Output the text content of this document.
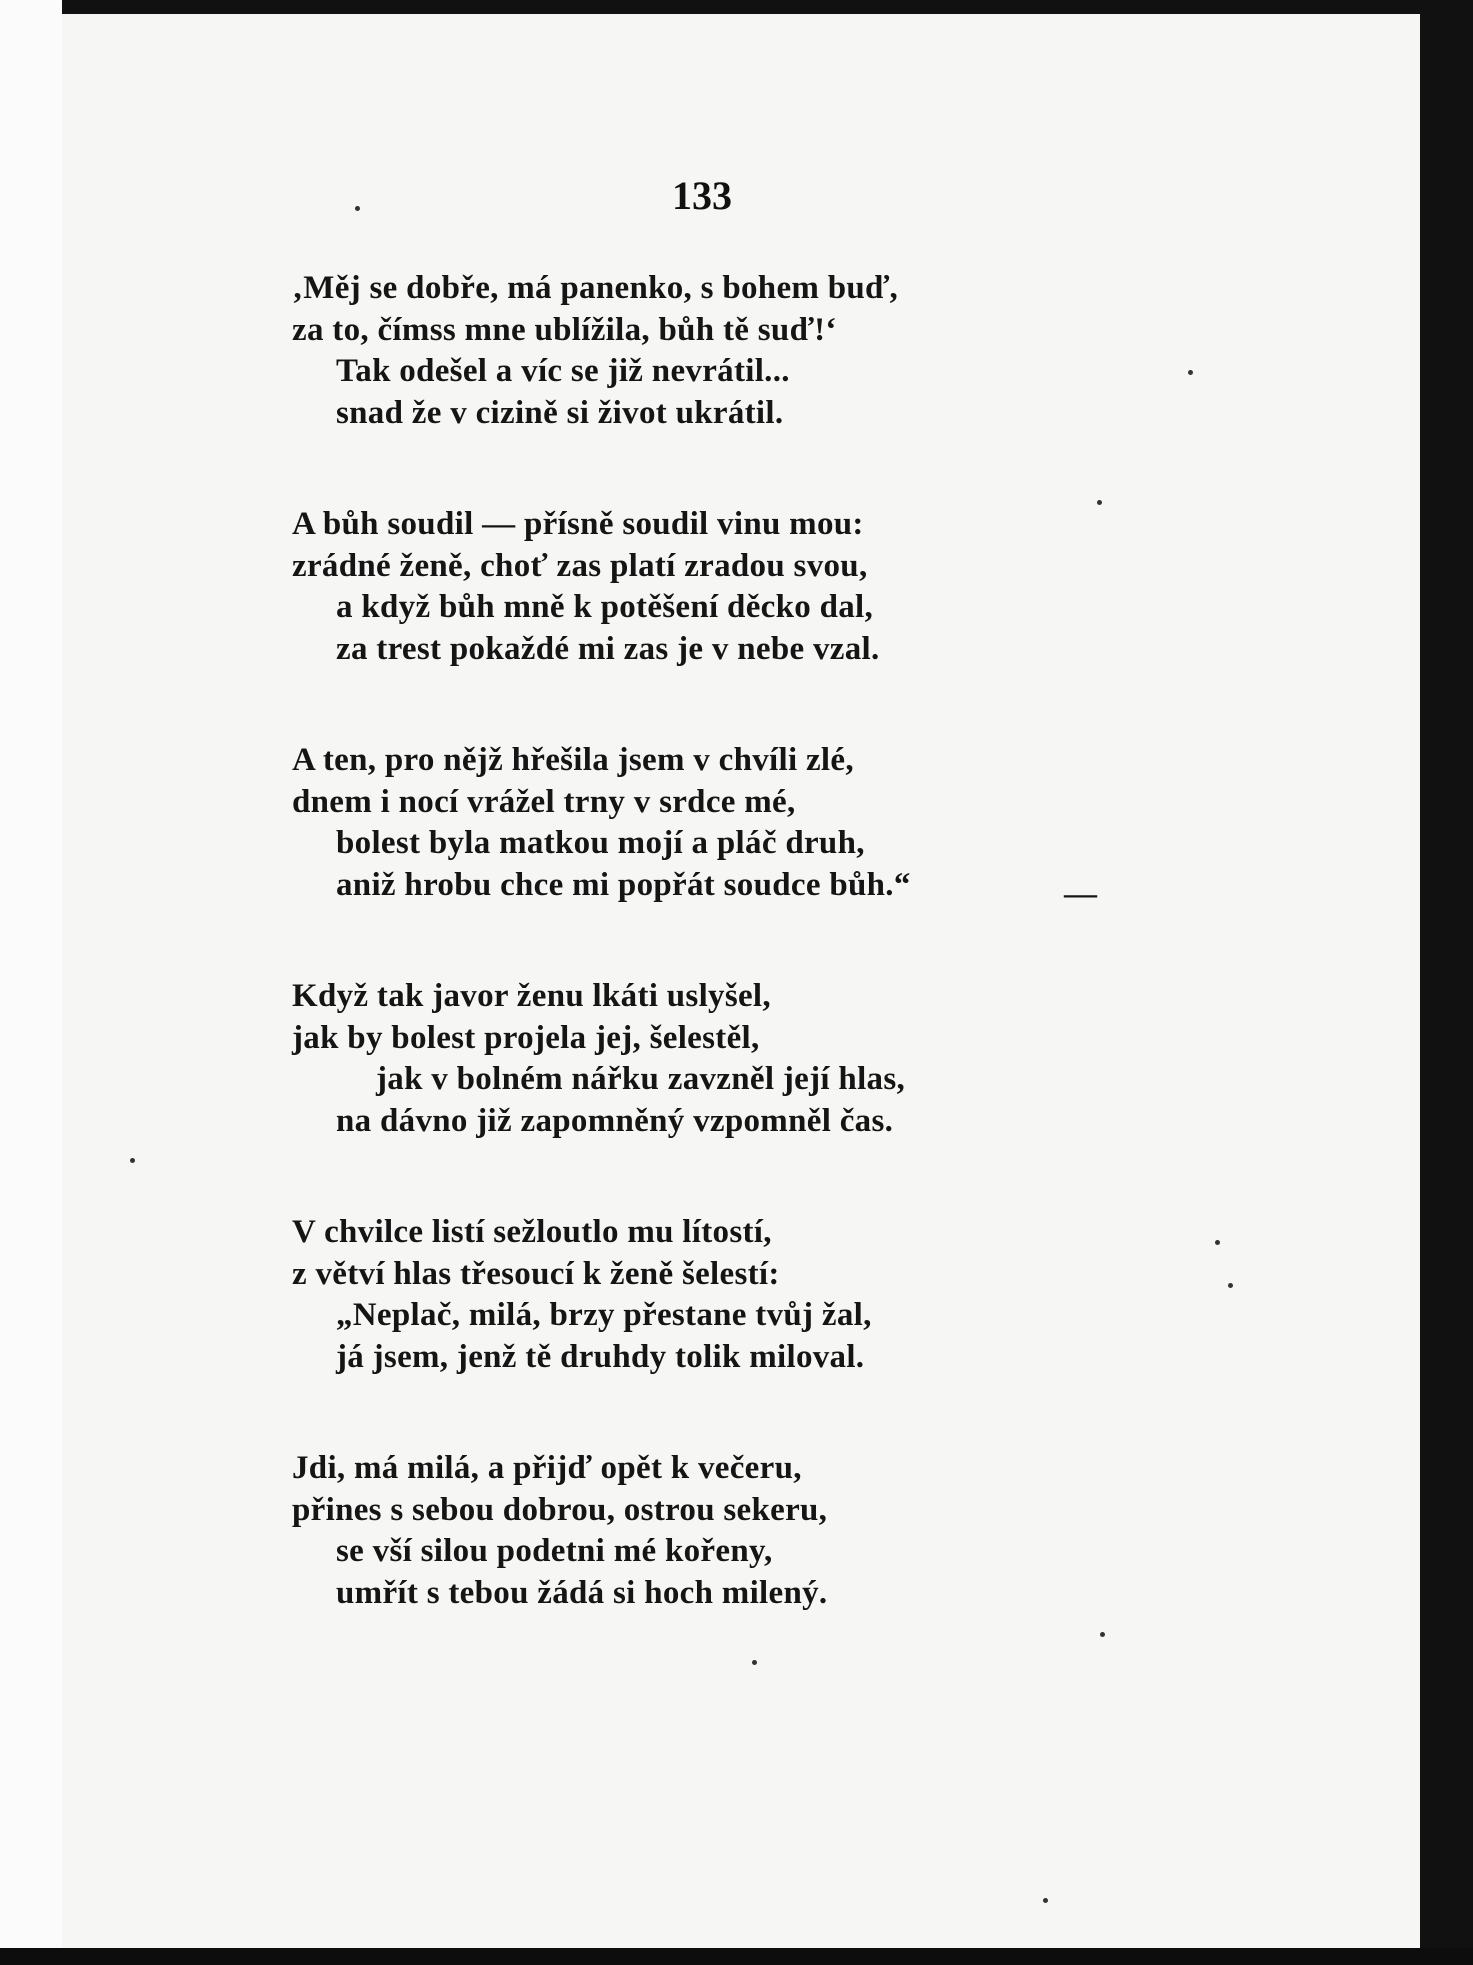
133
‚Měj se dobře, má panenko, s bohem buď,
za to, čímss mne ublížila, bůh tě suď!‘
Tak odešel a víc se již nevrátil...
snad že v cizině si život ukrátil.
A bůh soudil — přísně soudil vinu mou:
zrádné ženě, choť zas platí zradou svou,
a když bůh mně k potěšení děcko dal,
za trest pokaždé mi zas je v nebe vzal.
A ten, pro nějž hřešila jsem v chvíli zlé,
dnem i nocí vrážel trny v srdce mé,
bolest byla matkou mojí a pláč druh,
aniž hrobu chce mi popřát soudce bůh.“
Když tak javor ženu lkáti uslyšel,
jak by bolest projela jej, šelestěl,
jak v bolném nářku zavzněl její hlas,
na dávno již zapomněný vzpomněl čas.
V chvilce listí sežloutlo mu lítostí,
z větví hlas třesoucí k ženě šelestí:
„Neplač, milá, brzy přestane tvůj žal,
já jsem, jenž tě druhdy tolik miloval.
Jdi, má milá, a přijď opět k večeru,
přines s sebou dobrou, ostrou sekeru,
se vší silou podetni mé kořeny,
umřít s tebou žádá si hoch milený.
—
